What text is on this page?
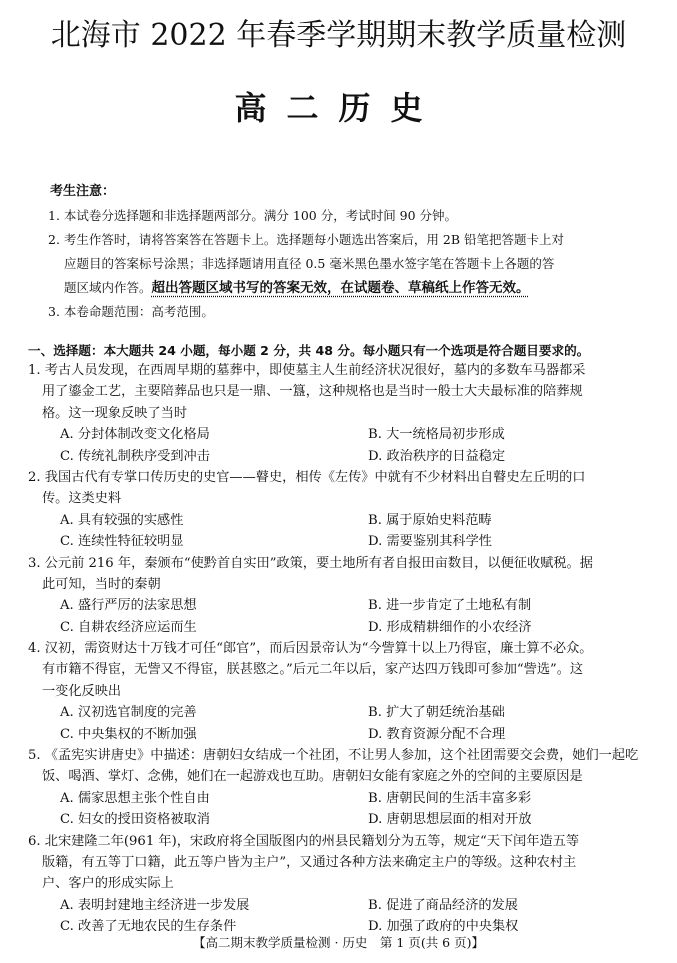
北海市 2022 年春季学期期末教学质量检测
高二历史
考生注意：
1. 本试卷分选择题和非选择题两部分。满分 100 分，考试时间 90 分钟。
2. 考生作答时，请将答案答在答题卡上。选择题每小题选出答案后，用 2B 铅笔把答题卡上对
应题目的答案标号涂黑；非选择题请用直径 0.5 毫米黑色墨水签字笔在答题卡上各题的答
题区域内作答。超出答题区域书写的答案无效，在试题卷、草稿纸上作答无效。
3. 本卷命题范围：高考范围。
一、选择题：本大题共 24 小题，每小题 2 分，共 48 分。每小题只有一个选项是符合题目要求的。
1. 考古人员发现，在西周早期的墓葬中，即使墓主人生前经济状况很好，墓内的多数车马器都采
用了鎏金工艺，主要陪葬品也只是一鼎、一簋，这种规格也是当时一般士大夫最标准的陪葬规
格。这一现象反映了当时
A. 分封体制改变文化格局	B. 大一统格局初步形成
C. 传统礼制秩序受到冲击	D. 政治秩序的日益稳定
2. 我国古代有专掌口传历史的史官——瞽史，相传《左传》中就有不少材料出自瞽史左丘明的口
传。这类史料
A. 具有较强的实感性	B. 属于原始史料范畴
C. 连续性特征较明显	D. 需要鉴别其科学性
3. 公元前 216 年，秦颁布“使黔首自实田”政策，要土地所有者自报田亩数目，以便征收赋税。据
此可知，当时的秦朝
A. 盛行严厉的法家思想	B. 进一步肯定了土地私有制
C. 自耕农经济应运而生	D. 形成精耕细作的小农经济
4. 汉初，需资财达十万钱才可任“郎官”，而后因景帝认为“今訾算十以上乃得宦，廉士算不必众。
有市籍不得宦，无訾又不得宦，朕甚愍之。”后元二年以后，家产达四万钱即可参加“訾选”。这
一变化反映出
A. 汉初选官制度的完善	B. 扩大了朝廷统治基础
C. 中央集权的不断加强	D. 教育资源分配不合理
5. 《孟宪实讲唐史》中描述：唐朝妇女结成一个社团，不让男人参加，这个社团需要交会费，她们一起吃
饭、喝酒、掌灯、念佛，她们在一起游戏也互助。唐朝妇女能有家庭之外的空间的主要原因是
A. 儒家思想主张个性自由	B. 唐朝民间的生活丰富多彩
C. 妇女的授田资格被取消	D. 唐朝思想层面的相对开放
6. 北宋建隆二年(961 年)，宋政府将全国版图内的州县民籍划分为五等，规定“天下闰年造五等
版籍，有五等丁口籍，此五等户皆为主户”，又通过各种方法来确定主户的等级。这种农村主
户、客户的形成实际上
A. 表明封建地主经济进一步发展	B. 促进了商品经济的发展
C. 改善了无地农民的生存条件	D. 加强了政府的中央集权
【高二期末教学质量检测 · 历史　第 1 页(共 6 页)】
